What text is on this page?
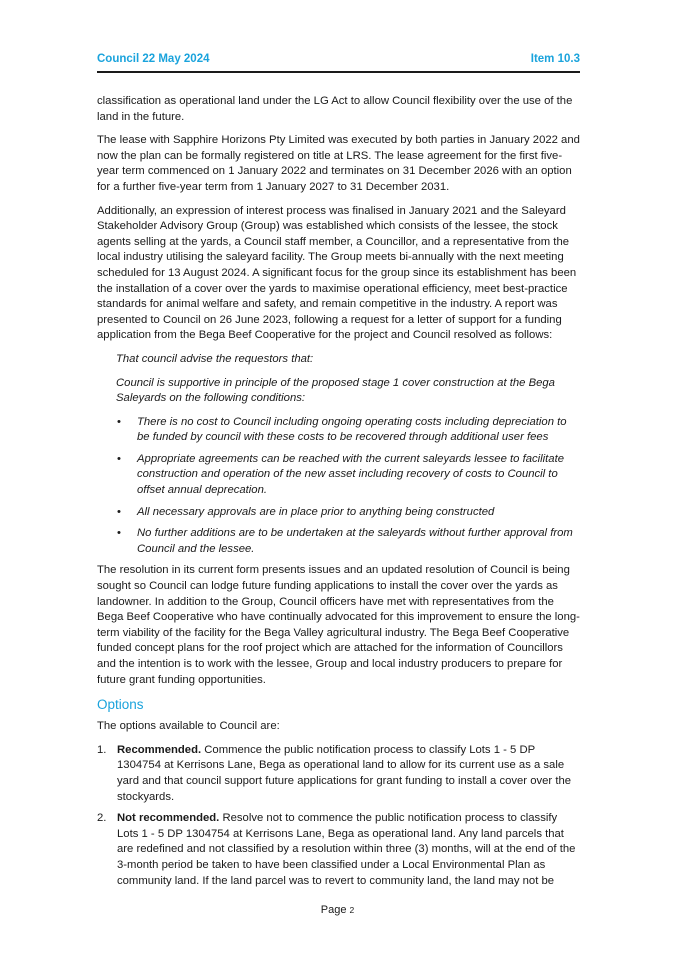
Council 22 May 2024	Item 10.3

classification as operational land under the LG Act to allow Council flexibility over the use of the land in the future.

The lease with Sapphire Horizons Pty Limited was executed by both parties in January 2022 and now the plan can be formally registered on title at LRS. The lease agreement for the first five-year term commenced on 1 January 2022 and terminates on 31 December 2026 with an option for a further five-year term from 1 January 2027 to 31 December 2031.

Additionally, an expression of interest process was finalised in January 2021 and the Saleyard Stakeholder Advisory Group (Group) was established which consists of the lessee, the stock agents selling at the yards, a Council staff member, a Councillor, and a representative from the local industry utilising the saleyard facility. The Group meets bi-annually with the next meeting scheduled for 13 August 2024. A significant focus for the group since its establishment has been the installation of a cover over the yards to maximise operational efficiency, meet best-practice standards for animal welfare and safety, and remain competitive in the industry. A report was presented to Council on 26 June 2023, following a request for a letter of support for a funding application from the Bega Beef Cooperative for the project and Council resolved as follows:

That council advise the requestors that:

Council is supportive in principle of the proposed stage 1 cover construction at the Bega Saleyards on the following conditions:

• There is no cost to Council including ongoing operating costs including depreciation to be funded by council with these costs to be recovered through additional user fees
• Appropriate agreements can be reached with the current saleyards lessee to facilitate construction and operation of the new asset including recovery of costs to Council to offset annual deprecation.
• All necessary approvals are in place prior to anything being constructed
• No further additions are to be undertaken at the saleyards without further approval from Council and the lessee.

The resolution in its current form presents issues and an updated resolution of Council is being sought so Council can lodge future funding applications to install the cover over the yards as landowner. In addition to the Group, Council officers have met with representatives from the Bega Beef Cooperative who have continually advocated for this improvement to ensure the long-term viability of the facility for the Bega Valley agricultural industry. The Bega Beef Cooperative funded concept plans for the roof project which are attached for the information of Councillors and the intention is to work with the lessee, Group and local industry producers to prepare for future grant funding opportunities.

Options

The options available to Council are:

1. Recommended. Commence the public notification process to classify Lots 1 - 5 DP 1304754 at Kerrisons Lane, Bega as operational land to allow for its current use as a sale yard and that council support future applications for grant funding to install a cover over the stockyards.
2. Not recommended. Resolve not to commence the public notification process to classify Lots 1 - 5 DP 1304754 at Kerrisons Lane, Bega as operational land. Any land parcels that are redefined and not classified by a resolution within three (3) months, will at the end of the 3-month period be taken to have been classified under a Local Environmental Plan as community land. If the land parcel was to revert to community land, the land may not be
Page 2
